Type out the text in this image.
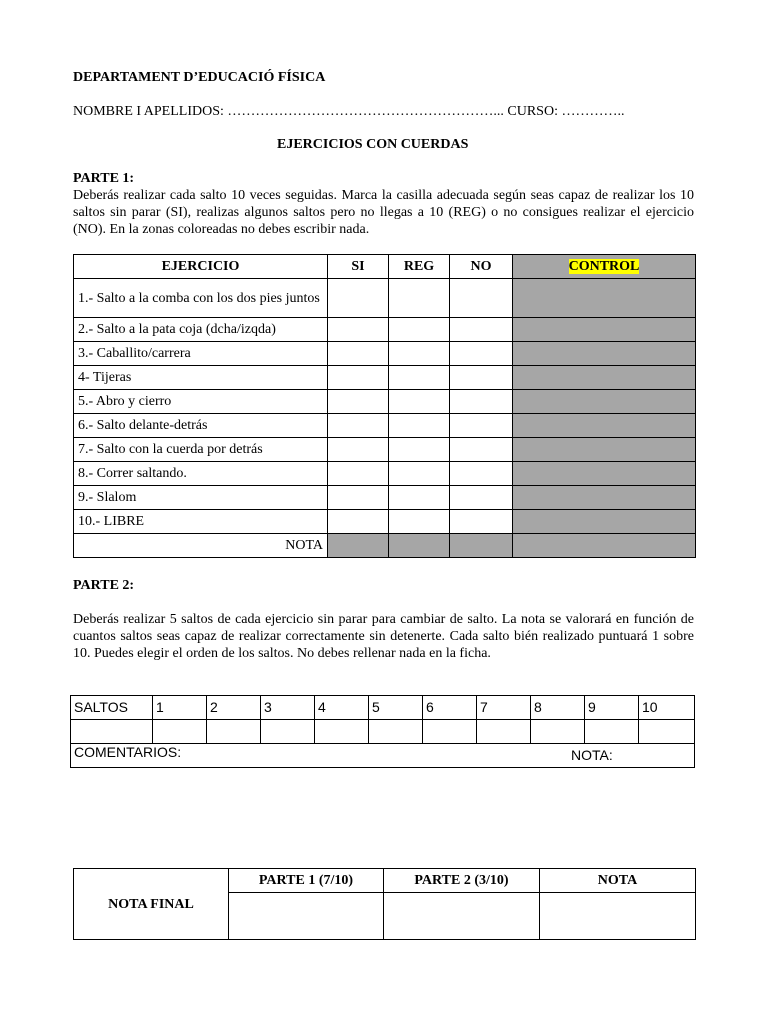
DEPARTAMENT D’EDUCACIÓ FÍSICA
NOMBRE I APELLIDOS: …………………………………………………... CURSO: …………..
EJERCICIOS CON CUERDAS
PARTE 1:

Deberás realizar cada salto 10 veces seguidas. Marca la casilla adecuada según seas capaz de realizar los 10 saltos sin parar (SI), realizas algunos saltos pero no llegas a 10 (REG) o no consigues realizar el ejercicio (NO). En la zonas coloreadas no debes escribir nada.

EJERCICIO	SI	REG	NO	CONTROL
1.- Salto a la comba con los dos pies juntos				
2.- Salto a la pata coja (dcha/izqda)				
3.- Caballito/carrera				
4- Tijeras				
5.- Abro y cierro				
6.- Salto delante-detrás				
7.- Salto con la cuerda por detrás				
8.- Correr saltando.				
9.- Slalom				
10.- LIBRE				
NOTA				
PARTE 2:

Deberás realizar 5 saltos de cada ejercicio sin parar para cambiar de salto. La nota se valorará en función de cuantos saltos seas capaz de realizar correctamente sin detenerte. Cada salto bién realizado puntuará 1 sobre 10. Puedes elegir el orden de los saltos. No debes rellenar nada en la ficha.

SALTOS	1	2	3	4	5	6	7	8	9	10

COMENTARIOS: NOTA:										
NOTA FINAL	PARTE 1 (7/10)	PARTE 2 (3/10)	NOTA
